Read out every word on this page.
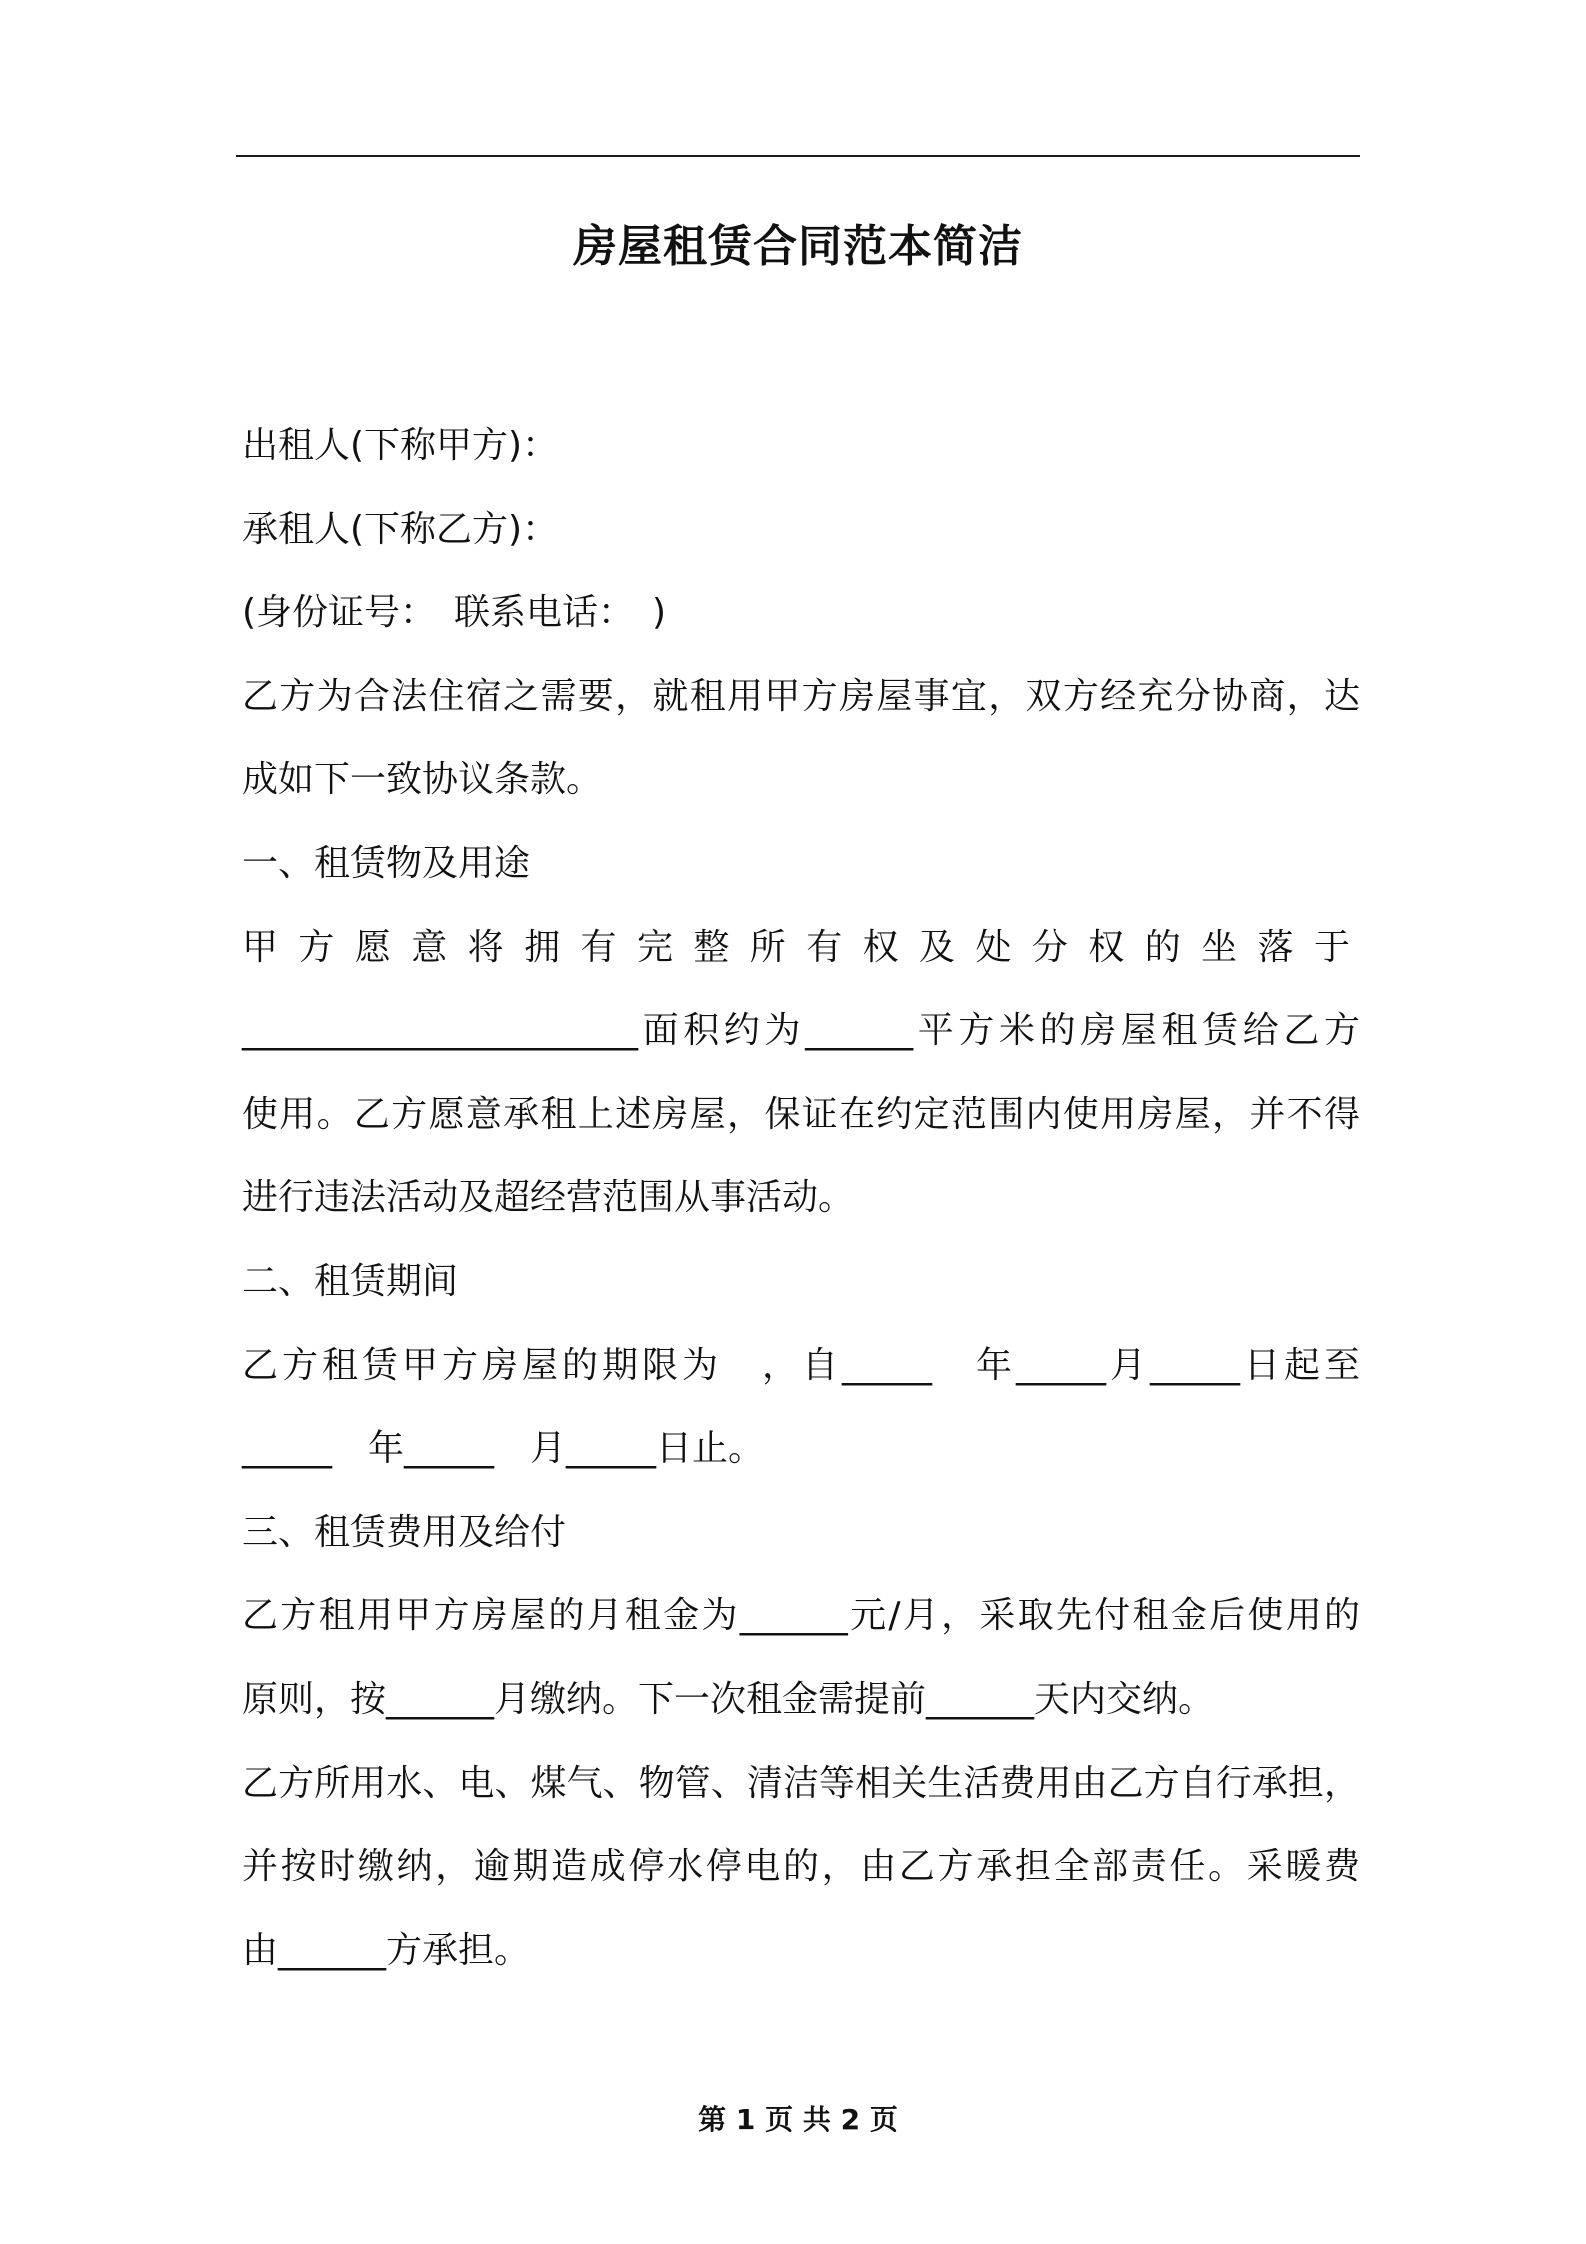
房屋租赁合同范本简洁
出租人(下称甲方)：
承租人(下称乙方)：
(身份证号：　联系电话：　)
乙方为合法住宿之需要，就租用甲方房屋事宜，双方经充分协商，达
成如下一致协议条款。
一、租赁物及用途
甲方愿意将拥有完整所有权及处分权的坐落于
______________________面积约为______平方米的房屋租赁给乙方
使用。乙方愿意承租上述房屋，保证在约定范围内使用房屋，并不得
进行违法活动及超经营范围从事活动。
二、租赁期间
乙方租赁甲方房屋的期限为　，自_____　年_____月_____日起至
_____　年_____　月_____日止。
三、租赁费用及给付
乙方租用甲方房屋的月租金为______元/月，采取先付租金后使用的
原则，按______月缴纳。下一次租金需提前______天内交纳。
乙方所用水、电、煤气、物管、清洁等相关生活费用由乙方自行承担，
并按时缴纳，逾期造成停水停电的，由乙方承担全部责任。采暖费
由______方承担。
第 1 页 共 2 页
